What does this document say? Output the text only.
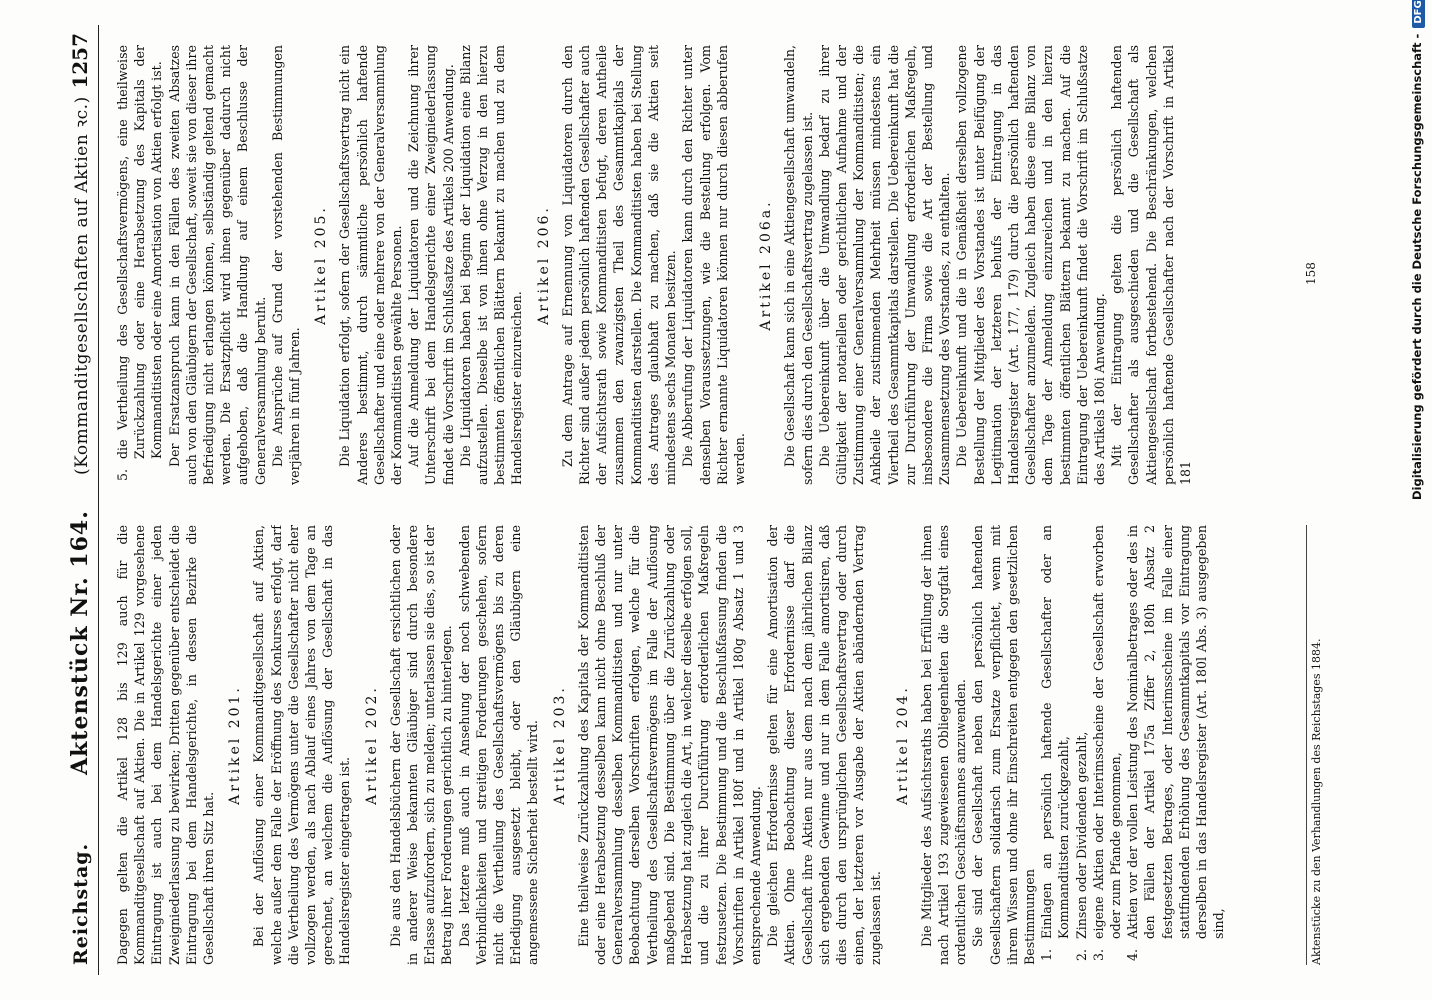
Reichstag.
Aktenstück Nr. 164.
(Kommanditgesellschaften auf Aktien ꝛc.)
1257

Dagegen gelten die Artikel 128 bis 129 auch für die Kommanditgesellschaft auf Aktien. Die in Artikel 129 vorgesehene Eintragung ist auch bei dem Handelsgerichte einer jeden Zweigniederlassung zu bewirken; Dritten gegenüber entscheidet die Eintragung bei dem Handelsgerichte, in dessen Bezirke die Gesellschaft ihren Sitz hat.

Artikel 201. Bei der Auflösung einer Kommanditgesellschaft auf Aktien, welche außer dem Falle der Eröffnung des Konkurses erfolgt, darf die Vertheilung des Vermögens unter die Gesellschafter nicht eher vollzogen werden, als nach Ablauf eines Jahres von dem Tage an gerechnet, an welchem die Auflösung der Gesellschaft in das Handelsregister eingetragen ist.

Artikel 202. Die aus den Handelsbüchern der Gesellschaft ersichtlichen oder in anderer Weise bekannten Gläubiger sind durch besondere Erlasse aufzufordern, sich zu melden; unterlassen sie dies, so ist der Betrag ihrer Forderungen gerichtlich zu hinterlegen. Das letztere muß auch in Ansehung der noch schwebenden Verbindlichkeiten und streitigen Forderungen geschehen, sofern nicht die Vertheilung des Gesellschaftsvermögens bis zu deren Erledigung ausgesetzt bleibt, oder den Gläubigern eine angemessene Sicherheit bestellt wird. Artikel 203. Eine theilweise Zurückzahlung des Kapitals der Kommanditisten oder eine Herabsetzung desselben kann nicht ohne Beschluß der Generalversammlung desselben Kommanditisten und nur unter Beobachtung derselben Vorschriften erfolgen, welche für die Vertheilung des Gesellschaftsvermögens im Falle der Auflösung maßgebend sind. Die Bestimmung über die Zurückzahlung oder Herabsetzung hat zugleich die Art, in welcher dieselbe erfolgen soll, und die zu ihrer Durchführung erforderlichen Maßregeln festzusetzen. Die Bestimmung und die Beschlußfassung finden die Vorschriften in Artikel 180f und in Artikel 180g Absatz 1 und 3 entsprechende Anwendung. Die gleichen Erfordernisse gelten für eine Amortisation der Aktien. Ohne Beobachtung dieser Erfordernisse darf die Gesellschaft ihre Aktien nur aus dem nach dem jährlichen Bilanz sich ergebenden Gewinne und nur in dem Falle amortisiren, daß dies durch den ursprünglichen Gesellschaftsvertrag oder durch einen, der letzteren vor Ausgabe der Aktien abändernden Vertrag zugelassen ist.

Artikel 204. Die Mitglieder des Aufsichtsraths haben bei Erfüllung der ihnen nach Artikel 193 zugewiesenen Obliegenheiten die Sorgfalt eines ordentlichen Geschäftsmannes anzuwenden. Sie sind der Gesellschaft neben den persönlich haftenden Gesellschaftern solidarisch zum Ersatze verpflichtet, wenn mit ihrem Wissen und ohne ihr Einschreiten entgegen den gesetzlichen Bestimmungen 1.
Einlagen an persönlich haftende Gesellschafter oder an Kommanditisten zurückgezahlt,
2.
Zinsen oder Dividenden gezahlt,
3.
eigene Aktien oder Interimsscheine der Gesellschaft erworben oder zum Pfande genommen,
4.
Aktien vor der vollen Leistung des Nominalbetrages oder des in den Fällen der Artikel 175a Ziffer 2, 180h Absatz 2 festgesetzten Betrages, oder Interimsscheine im Falle einer stattfindenden Erhöhung des Gesammtkapitals vor Eintragung derselben in das Handelsregister (Art. 180l Abs. 3) ausgegeben sind,
5.
die Vertheilung des Gesellschaftsvermögens, eine theilweise Zurückzahlung oder eine Herabsetzung des Kapitals der Kommanditisten oder eine Amortisation von Aktien erfolgt ist. Der Ersatzanspruch kann in den Fällen des zweiten Absatzes auch von den Gläubigern der Gesellschaft, soweit sie von dieser ihre Befriedigung nicht erlangen können, selbständig geltend gemacht werden. Die Ersatzpflicht wird ihnen gegenüber dadurch nicht aufgehoben, daß die Handlung auf einem Beschlusse der Generalversammlung beruht. Die Ansprüche auf Grund der vorstehenden Bestimmungen verjähren in fünf Jahren.

Artikel 205. Die Liquidation erfolgt, sofern der Gesellschaftsvertrag nicht ein Anderes bestimmt, durch sämmtliche persönlich haftende Gesellschafter und eine oder mehrere von der Generalversammlung der Kommanditisten gewählte Personen. Auf die Anmeldung der Liquidatoren und die Zeichnung ihrer Unterschrift bei dem Handelsgerichte einer Zweigniederlassung findet die Vorschrift im Schlußsatze des Artikels 200 Anwendung. Die Liquidatoren haben bei Beginn der Liquidation eine Bilanz aufzustellen. Dieselbe ist von ihnen ohne Verzug in den hierzu bestimmten öffentlichen Blättern bekannt zu machen und zu dem Handelsregister einzureichen.

Artikel 206. Zu dem Antrage auf Ernennung von Liquidatoren durch den Richter sind außer jedem persönlich haftenden Gesellschafter auch der Aufsichtsrath sowie Kommanditisten befugt, deren Antheile zusammen den zwanzigsten Theil des Gesammtkapitals der Kommanditisten darstellen. Die Kommanditisten haben bei Stellung des Antrages glaubhaft zu machen, daß sie die Aktien seit mindestens sechs Monaten besitzen. Die Abberufung der Liquidatoren kann durch den Richter unter denselben Voraussetzungen, wie die Bestellung erfolgen. Vom Richter ernannte Liquidatoren können nur durch diesen abberufen werden.

Artikel 206a. Die Gesellschaft kann sich in eine Aktiengesellschaft umwandeln, sofern dies durch den Gesellschaftsvertrag zugelassen ist. Die Uebereinkunft über die Umwandlung bedarf zu ihrer Gültigkeit der notariellen oder gerichtlichen Aufnahme und der Zustimmung einer Generalversammlung der Kommanditisten; die Ankheile der zustimmenden Mehrheit müssen mindestens ein Viertheil des Gesammtkapitals darstellen. Die Uebereinkunft hat die zur Durchführung der Umwandlung erforderlichen Maßregeln, insbesondere die Firma sowie die Art der Bestellung und Zusammensetzung des Vorstandes, zu enthalten. Die Uebereinkunft und die in Gemäßheit derselben vollzogene Bestellung der Mitglieder des Vorstandes ist unter Beifügung der Legitimation der letzteren behufs der Eintragung in das Handelsregister (Art. 177, 179) durch die persönlich haftenden Gesellschafter anzumelden. Zugleich haben diese eine Bilanz von dem Tage der Anmeldung einzureichen und in den hierzu bestimmten öffentlichen Blättern bekannt zu machen. Auf die Eintragung der Uebereinkunft findet die Vorschrift im Schlußsatze des Artikels 180i Anwendung. Mit der Eintragung gelten die persönlich haftenden Gesellschafter als ausgeschieden und die Gesellschaft als Aktiengesellschaft fortbestehend. Die Beschränkungen, welchen persönlich haftende Gesellschafter nach der Vorschrift in Artikel 181

Aktenstücke zu den Verhandlungen des Reichstages 1884.
158	Digitalisierung gefördert durch die Deutsche Forschungsgemeinschaft -DFG
